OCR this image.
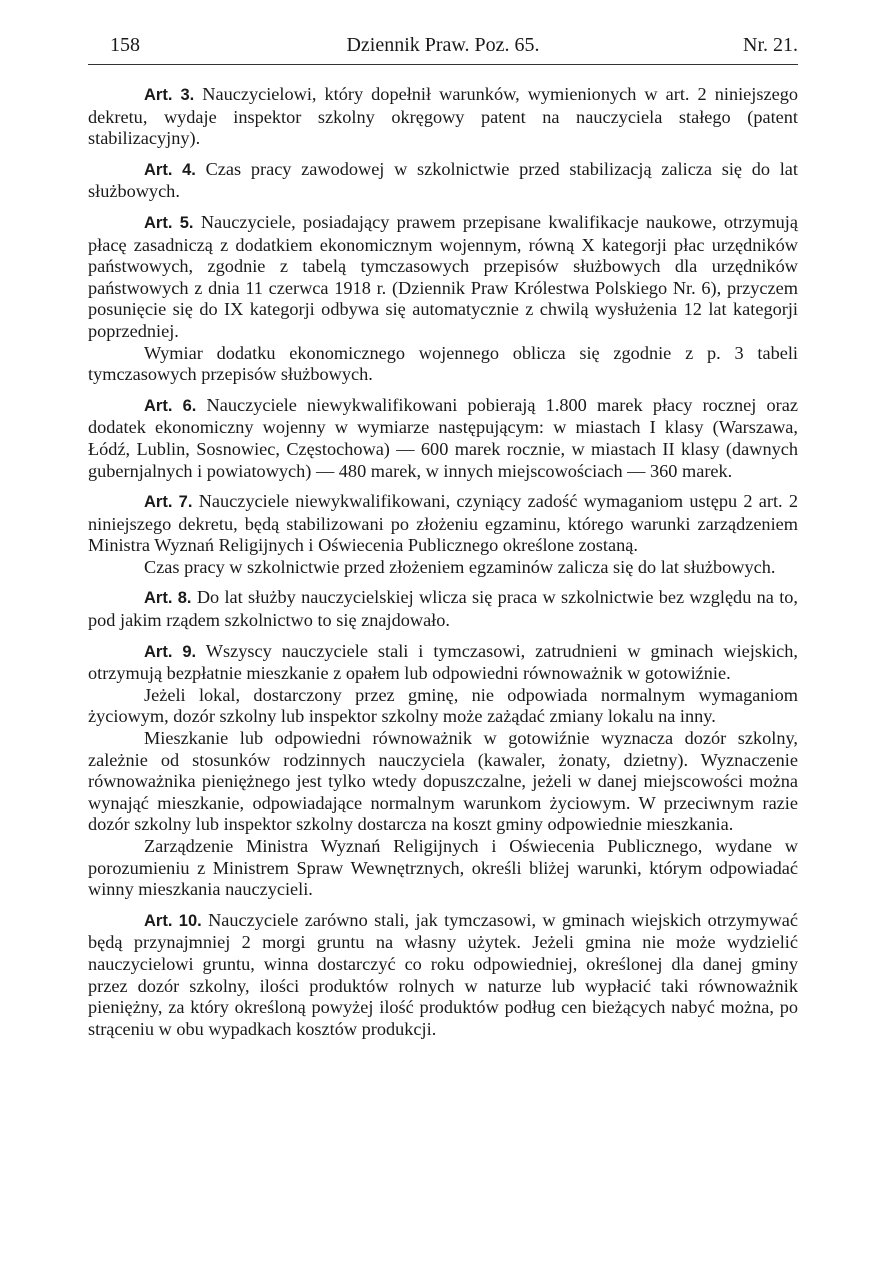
158	Dziennik Praw. Poz. 65.	Nr. 21.

Art. 3. Nauczycielowi, który dopełnił warunków, wymienionych w art. 2 niniejszego dekretu, wydaje inspektor szkolny okręgowy patent na nauczyciela stałego (patent stabilizacyjny).

Art. 4. Czas pracy zawodowej w szkolnictwie przed stabilizacją zalicza się do lat służbowych.

Art. 5. Nauczyciele, posiadający prawem przepisane kwalifikacje naukowe, otrzymują płacę zasadniczą z dodatkiem ekonomicznym wojennym, równą X kategorji płac urzędników państwowych, zgodnie z tabelą tymczasowych przepisów służbowych dla urzędników państwowych z dnia 11 czerwca 1918 r. (Dziennik Praw Królestwa Polskiego Nr. 6), przyczem posunięcie się do IX kategorji odbywa się automatycznie z chwilą wysłużenia 12 lat kategorji poprzedniej.

Wymiar dodatku ekonomicznego wojennego oblicza się zgodnie z p. 3 tabeli tymczasowych przepisów służbowych.

Art. 6. Nauczyciele niewykwalifikowani pobierają 1.800 marek płacy rocznej oraz dodatek ekonomiczny wojenny w wymiarze następującym: w miastach I klasy (Warszawa, Łódź, Lublin, Sosnowiec, Częstochowa) — 600 marek rocznie, w miastach II klasy (dawnych gubernjalnych i powiatowych) — 480 marek, w innych miejscowościach — 360 marek.

Art. 7. Nauczyciele niewykwalifikowani, czyniący zadość wymaganiom ustępu 2 art. 2 niniejszego dekretu, będą stabilizowani po złożeniu egzaminu, którego warunki zarządzeniem Ministra Wyznań Religijnych i Oświecenia Publicznego określone zostaną.

Czas pracy w szkolnictwie przed złożeniem egzaminów zalicza się do lat służbowych.

Art. 8. Do lat służby nauczycielskiej wlicza się praca w szkolnictwie bez względu na to, pod jakim rządem szkolnictwo to się znajdowało.

Art. 9. Wszyscy nauczyciele stali i tymczasowi, zatrudnieni w gminach wiejskich, otrzymują bezpłatnie mieszkanie z opałem lub odpowiedni równoważnik w gotowiźnie.

Jeżeli lokal, dostarczony przez gminę, nie odpowiada normalnym wymaganiom życiowym, dozór szkolny lub inspektor szkolny może zażądać zmiany lokalu na inny.

Mieszkanie lub odpowiedni równoważnik w gotowiźnie wyznacza dozór szkolny, zależnie od stosunków rodzinnych nauczyciela (kawaler, żonaty, dzietny). Wyznaczenie równoważnika pieniężnego jest tylko wtedy dopuszczalne, jeżeli w danej miejscowości można wynająć mieszkanie, odpowiadające normalnym warunkom życiowym. W przeciwnym razie dozór szkolny lub inspektor szkolny dostarcza na koszt gminy odpowiednie mieszkania.

Zarządzenie Ministra Wyznań Religijnych i Oświecenia Publicznego, wydane w porozumieniu z Ministrem Spraw Wewnętrznych, określi bliżej warunki, którym odpowiadać winny mieszkania nauczycieli.

Art. 10. Nauczyciele zarówno stali, jak tymczasowi, w gminach wiejskich otrzymywać będą przynajmniej 2 morgi gruntu na własny użytek. Jeżeli gmina nie może wydzielić nauczycielowi gruntu, winna dostarczyć co roku odpowiedniej, określonej dla danej gminy przez dozór szkolny, ilości produktów rolnych w naturze lub wypłacić taki równoważnik pieniężny, za który określoną powyżej ilość produktów podług cen bieżących nabyć można, po strąceniu w obu wypadkach kosztów produkcji.
